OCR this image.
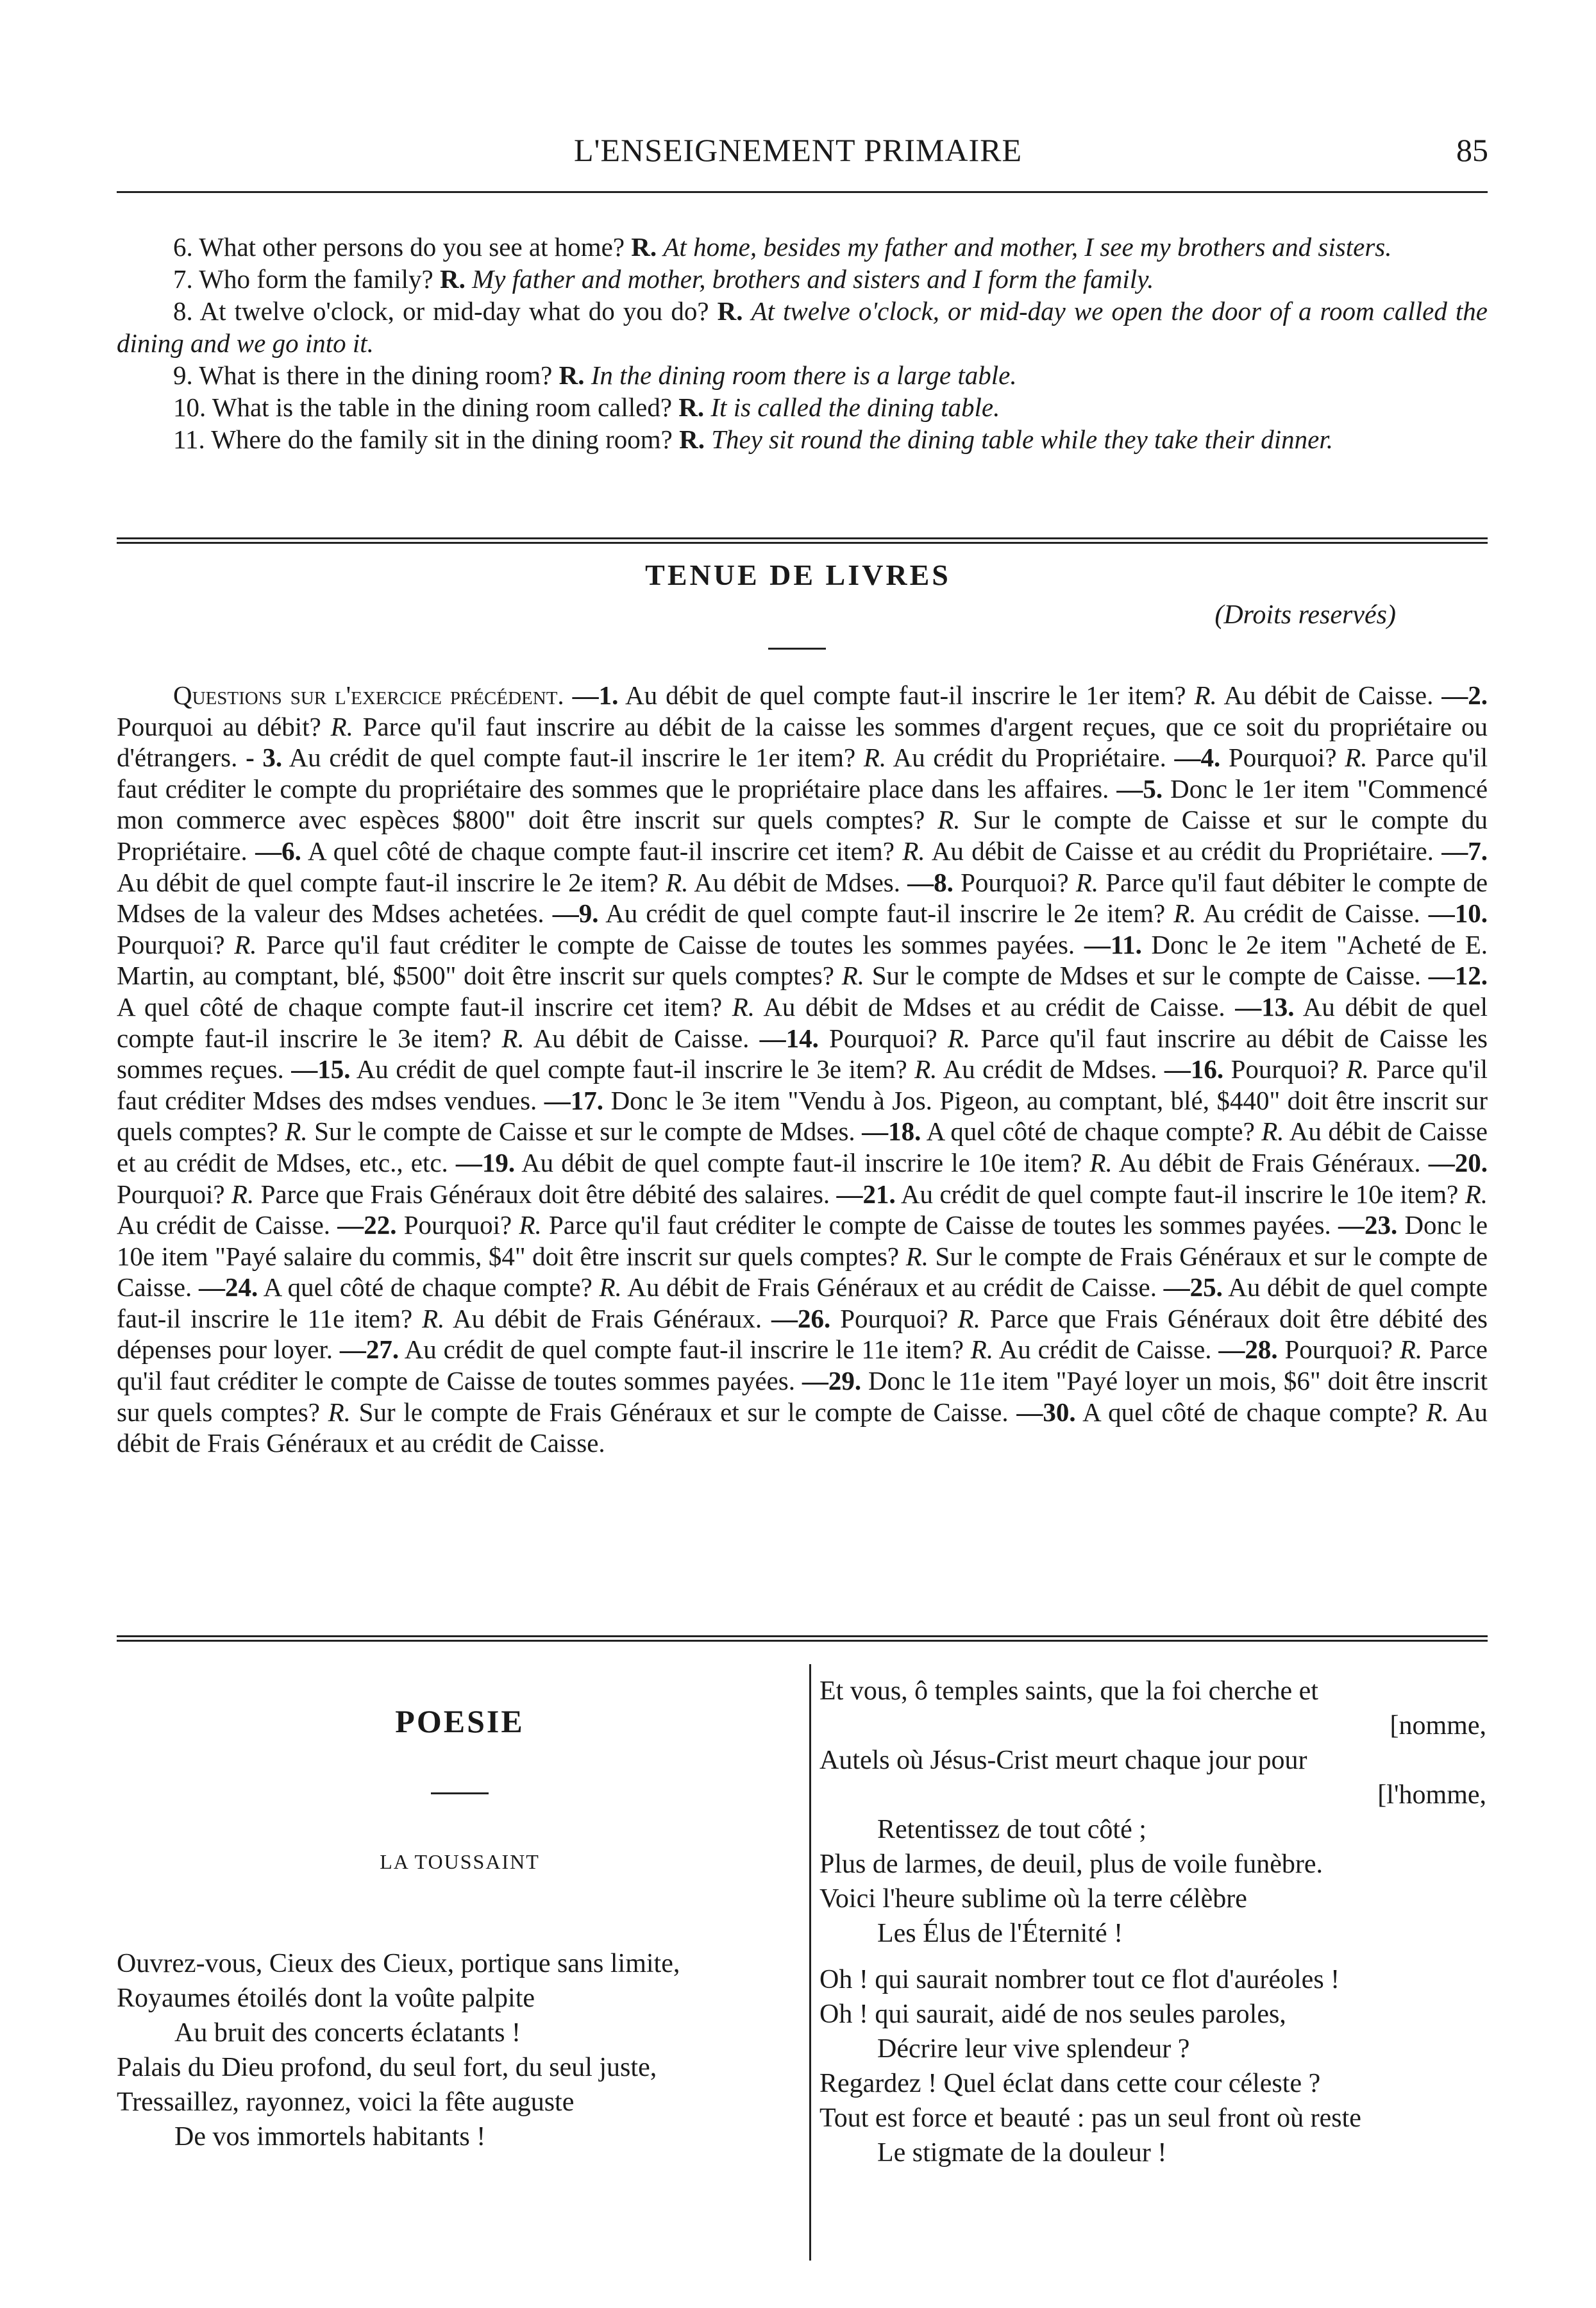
L'ENSEIGNEMENT PRIMAIRE	85

6. What other persons do you see at home? R. At home, besides my father and mother, I see my brothers and sisters.

7. Who form the family? R. My father and mother, brothers and sisters and I form the family.

8. At twelve o'clock, or mid-day what do you do? R. At twelve o'clock, or mid-day we open the door of a room called the dining and we go into it.

9. What is there in the dining room? R. In the dining room there is a large table.

10. What is the table in the dining room called? R. It is called the dining table.

11. Where do the family sit in the dining room? R. They sit round the dining table while they take their dinner.

TENUE DE LIVRES
(Droits reservés)
Questions sur l'exercice précédent. —1. Au débit de quel compte faut-il inscrire le 1er item? R. Au débit de Caisse. —2. Pourquoi au débit? R. Parce qu'il faut inscrire au débit de la caisse les sommes d'argent reçues, que ce soit du propriétaire ou d'étrangers. - 3. Au crédit de quel compte faut-il inscrire le 1er item? R. Au crédit du Propriétaire. —4. Pourquoi? R. Parce qu'il faut créditer le compte du propriétaire des sommes que le propriétaire place dans les affaires. —5. Donc le 1er item "Commencé mon commerce avec espèces $800" doit être inscrit sur quels comptes? R. Sur le compte de Caisse et sur le compte du Propriétaire. —6. A quel côté de chaque compte faut-il inscrire cet item? R. Au débit de Caisse et au crédit du Propriétaire. —7. Au débit de quel compte faut-il inscrire le 2e item? R. Au débit de Mdses. —8. Pourquoi? R. Parce qu'il faut débiter le compte de Mdses de la valeur des Mdses achetées. —9. Au crédit de quel compte faut-il inscrire le 2e item? R. Au crédit de Caisse. —10. Pourquoi? R. Parce qu'il faut créditer le compte de Caisse de toutes les sommes payées. —11. Donc le 2e item "Acheté de E. Martin, au comptant, blé, $500" doit être inscrit sur quels comptes? R. Sur le compte de Mdses et sur le compte de Caisse. —12. A quel côté de chaque compte faut-il inscrire cet item? R. Au débit de Mdses et au crédit de Caisse. —13. Au débit de quel compte faut-il inscrire le 3e item? R. Au débit de Caisse. —14. Pourquoi? R. Parce qu'il faut inscrire au débit de Caisse les sommes reçues. —15. Au crédit de quel compte faut-il inscrire le 3e item? R. Au crédit de Mdses. —16. Pourquoi? R. Parce qu'il faut créditer Mdses des mdses vendues. —17. Donc le 3e item "Vendu à Jos. Pigeon, au comptant, blé, $440" doit être inscrit sur quels comptes? R. Sur le compte de Caisse et sur le compte de Mdses. —18. A quel côté de chaque compte? R. Au débit de Caisse et au crédit de Mdses, etc., etc. —19. Au débit de quel compte faut-il inscrire le 10e item? R. Au débit de Frais Généraux. —20. Pourquoi? R. Parce que Frais Généraux doit être débité des salaires. —21. Au crédit de quel compte faut-il inscrire le 10e item? R. Au crédit de Caisse. —22. Pourquoi? R. Parce qu'il faut créditer le compte de Caisse de toutes les sommes payées. —23. Donc le 10e item "Payé salaire du commis, $4" doit être inscrit sur quels comptes? R. Sur le compte de Frais Généraux et sur le compte de Caisse. —24. A quel côté de chaque compte? R. Au débit de Frais Généraux et au crédit de Caisse. —25. Au débit de quel compte faut-il inscrire le 11e item? R. Au débit de Frais Généraux. —26. Pourquoi? R. Parce que Frais Généraux doit être débité des dépenses pour loyer. —27. Au crédit de quel compte faut-il inscrire le 11e item? R. Au crédit de Caisse. —28. Pourquoi? R. Parce qu'il faut créditer le compte de Caisse de toutes sommes payées. —29. Donc le 11e item "Payé loyer un mois, $6" doit être inscrit sur quels comptes? R. Sur le compte de Frais Généraux et sur le compte de Caisse. —30. A quel côté de chaque compte? R. Au débit de Frais Généraux et au crédit de Caisse.
POESIE
LA TOUSSAINT
Ouvrez-vous, Cieux des Cieux, portique sans limite,
Royaumes étoilés dont la voûte palpite
Au bruit des concerts éclatants !
Palais du Dieu profond, du seul fort, du seul juste,
Tressaillez, rayonnez, voici la fête auguste
De vos immortels habitants !
Et vous, ô temples saints, que la foi cherche et
[nomme,
Autels où Jésus-Crist meurt chaque jour pour
[l'homme,
Retentissez de tout côté ;
Plus de larmes, de deuil, plus de voile funèbre.
Voici l'heure sublime où la terre célèbre
Les Élus de l'Éternité !
Oh ! qui saurait nombrer tout ce flot d'auréoles !
Oh ! qui saurait, aidé de nos seules paroles,
Décrire leur vive splendeur ?
Regardez ! Quel éclat dans cette cour céleste ?
Tout est force et beauté : pas un seul front où reste
Le stigmate de la douleur !
